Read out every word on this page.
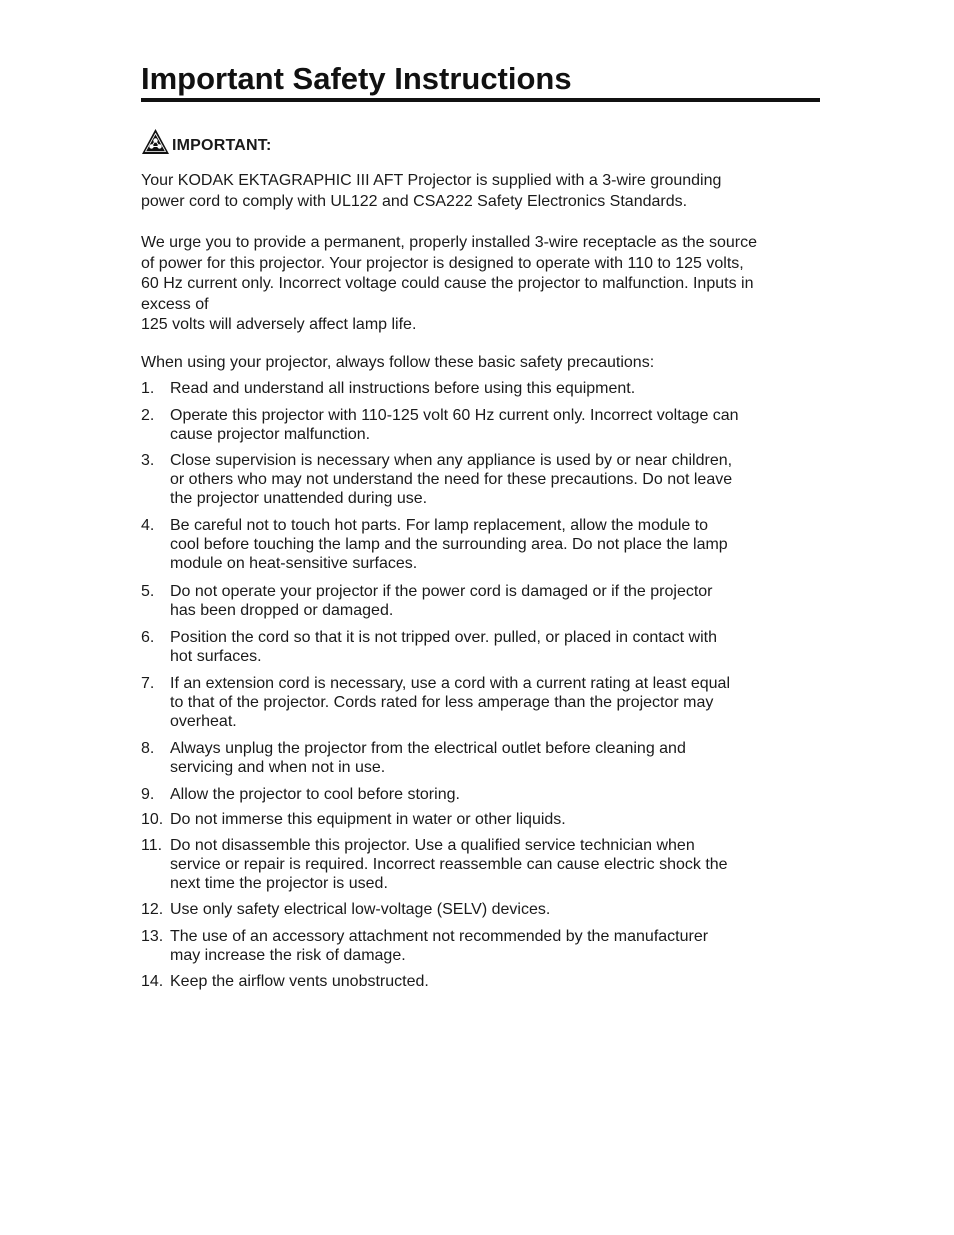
Important Safety Instructions
IMPORTANT:

Your KODAK EKTAGRAPHIC III AFT Projector is supplied with a 3-wire grounding
power cord to comply with UL122 and CSA222 Safety Electronics Standards.

We urge you to provide a permanent, properly installed 3-wire receptacle as the source
of power for this projector. Your projector is designed to operate with 110 to 125 volts,
60 Hz current only. Incorrect voltage could cause the projector to malfunction. Inputs in
excess of
125 volts will adversely affect lamp life.

When using your projector, always follow these basic safety precautions:

1. Read and understand all instructions before using this equipment.
2. Operate this projector with 110-125 volt 60 Hz current only. Incorrect voltage can
cause projector malfunction.
3. Close supervision is necessary when any appliance is used by or near children,
or others who may not understand the need for these precautions. Do not leave
the projector unattended during use.
4. Be careful not to touch hot parts. For lamp replacement, allow the module to
cool before touching the lamp and the surrounding area. Do not place the lamp
module on heat-sensitive surfaces.
5. Do not operate your projector if the power cord is damaged or if the projector
has been dropped or damaged.
6. Position the cord so that it is not tripped over. pulled, or placed in contact with
hot surfaces.
7. If an extension cord is necessary, use a cord with a current rating at least equal
to that of the projector. Cords rated for less amperage than the projector may
overheat.
8. Always unplug the projector from the electrical outlet before cleaning and
servicing and when not in use.
9. Allow the projector to cool before storing.
10. Do not immerse this equipment in water or other liquids.
11. Do not disassemble this projector. Use a qualified service technician when
service or repair is required. Incorrect reassemble can cause electric shock the
next time the projector is used.
12. Use only safety electrical low-voltage (SELV) devices.
13. The use of an accessory attachment not recommended by the manufacturer
may increase the risk of damage.
14. Keep the airflow vents unobstructed.
